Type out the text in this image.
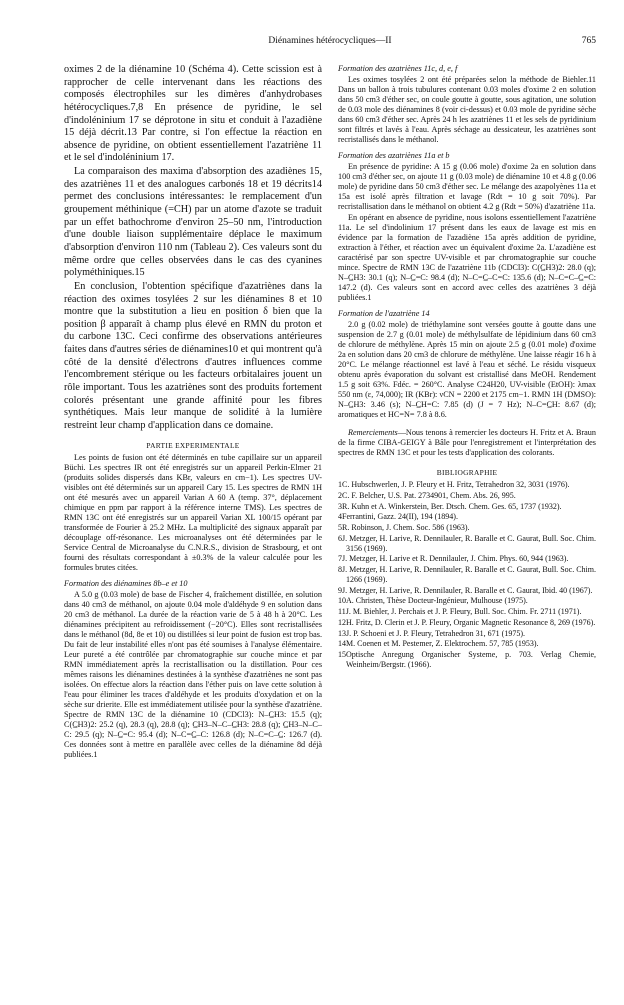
Diénamines hétérocycliques—II	765

oximes 2 de la diénamine 10 (Schéma 4). Cette scission est à rapprocher de celle intervenant dans les réactions des composés électrophiles sur les dimères d'anhydrobases hétérocycliques.7,8 En présence de pyridine, le sel d'indoléninium 17 se déprotone in situ et conduit à l'azadiène 15 déjà décrit.13 Par contre, si l'on effectue la réaction en absence de pyridine, on obtient essentiellement l'azatriène 11 et le sel d'indoléninium 17.

La comparaison des maxima d'absorption des azadiènes 15, des azatriènes 11 et des analogues carbonés 18 et 19 décrits14 permet des conclusions intéressantes: le remplacement d'un groupement méthinique (=CH) par un atome d'azote se traduit par un effet bathochrome d'environ 25–50 nm, l'introduction d'une double liaison supplémentaire déplace le maximum d'absorption d'environ 110 nm (Tableau 2). Ces valeurs sont du même ordre que celles observées dans le cas des cyanines polyméthiniques.15

En conclusion, l'obtention spécifique d'azatriènes dans la réaction des oximes tosylées 2 sur les diénamines 8 et 10 montre que la substitution a lieu en position δ bien que la position β apparaît à champ plus élevé en RMN du proton et du carbone 13C. Ceci confirme des observations antérieures faites dans d'autres séries de diénamines10 et qui montrent qu'à côté de la densité d'électrons d'autres influences comme l'encombrement stérique ou les facteurs orbitalaires jouent un rôle important. Tous les azatriènes sont des produits fortement colorés présentant une grande affinité pour les fibres synthétiques. Mais leur manque de solidité à la lumière restreint leur champ d'application dans ce domaine.

PARTIE EXPERIMENTALE

Les points de fusion ont été déterminés en tube capillaire sur un appareil Büchi. Les spectres IR ont été enregistrés sur un appareil Perkin-Elmer 21 (produits solides dispersés dans KBr, valeurs en cm−1). Les spectres UV-visibles ont été déterminés sur un appareil Cary 15. Les spectres de RMN 1H ont été mesurés avec un appareil Varian A 60 A (temp. 37°, déplacement chimique en ppm par rapport à la référence interne TMS). Les spectres de RMN 13C ont été enregistrés sur un appareil Varian XL 100/15 opérant par transformée de Fourier à 25.2 MHz. La multiplicité des signaux apparaît par découplage off-résonance. Les microanalyses ont été déterminées par le Service Central de Microanalyse du C.N.R.S., division de Strasbourg, et ont fourni des résultats correspondant à ±0.3% de la valeur calculée pour les formules brutes citées.

Formation des diénamines 8b–e et 10

A 5.0 g (0.03 mole) de base de Fischer 4, fraîchement distillée, en solution dans 40 cm3 de méthanol, on ajoute 0.04 mole d'aldéhyde 9 en solution dans 20 cm3 de méthanol. La durée de la réaction varie de 5 à 48 h à 20°C. Les diénamines précipitent au refroidissement (−20°C). Elles sont recristallisées dans le méthanol (8d, 8e et 10) ou distillées si leur point de fusion est trop bas. Du fait de leur instabilité elles n'ont pas été soumises à l'analyse élémentaire. Leur pureté a été contrôlée par chromatographie sur couche mince et par RMN immédiatement après la recristallisation ou la distillation. Pour ces mêmes raisons les diénamines destinées à la synthèse d'azatriènes ne sont pas isolées. On effectue alors la réaction dans l'éther puis on lave cette solution à l'eau pour éliminer les traces d'aldéhyde et les produits d'oxydation et on la sèche sur drierite. Elle est immédiatement utilisée pour la synthèse d'azatriène. Spectre de RMN 13C de la diénamine 10 (CDCl3): N–C̲H3: 15.5 (q); C(C̲H3)2: 25.2 (q), 28.3 (q), 28.8 (q); C̲H3–N–C–C̲H3: 28.8 (q); C̲H3–N–C–C: 29.5 (q); N–C̲=C: 95.4 (d); N–C=C̲–C: 126.8 (d); N–C=C–C̲: 126.7 (d). Ces données sont à mettre en parallèle avec celles de la diénamine 8d déjà publiées.1

Formation des azatriènes 11c, d, e, f

Les oximes tosylées 2 ont été préparées selon la méthode de Biehler.11 Dans un ballon à trois tubulures contenant 0.03 moles d'oxime 2 en solution dans 50 cm3 d'éther sec, on coule goutte à goutte, sous agitation, une solution de 0.03 mole des diénamines 8 (voir ci-dessus) et 0.03 mole de pyridine sèche dans 60 cm3 d'éther sec. Après 24 h les azatriènes 11 et les sels de pyridinium sont filtrés et lavés à l'eau. Après séchage au dessicateur, les azatriènes sont recristallisés dans le méthanol.

Formation des azatriènes 11a et b

En présence de pyridine: A 15 g (0.06 mole) d'oxime 2a en solution dans 100 cm3 d'éther sec, on ajoute 11 g (0.03 mole) de diénamine 10 et 4.8 g (0.06 mole) de pyridine dans 50 cm3 d'éther sec. Le mélange des azapolyènes 11a et 15a est isolé après filtration et lavage (Rdt = 10 g soit 70%). Par recristallisation dans le méthanol on obtient 4.2 g (Rdt = 50%) d'azatriène 11a.

En opérant en absence de pyridine, nous isolons essentiellement l'azatriène 11a. Le sel d'indolinium 17 présent dans les eaux de lavage est mis en évidence par la formation de l'azadiène 15a après addition de pyridine, extraction à l'éther, et réaction avec un équivalent d'oxime 2a. L'azadiène est caractérisé par son spectre UV-visible et par chromatographie sur couche mince. Spectre de RMN 13C de l'azatriène 11b (CDCl3): C(C̲H3)2: 28.0 (q); N–C̲H3: 30.1 (q); N–C̲=C: 98.4 (d); N–C=C̲–C=C: 135.6 (d); N–C=C–C̲=C: 147.2 (d). Ces valeurs sont en accord avec celles des azatriènes 3 déjà publiées.1

Formation de l'azatriène 14

2.0 g (0.02 mole) de triéthylamine sont versées goutte à goutte dans une suspension de 2.7 g (0.01 mole) de méthylsulfate de lépidinium dans 60 cm3 de chlorure de méthylène. Après 15 min on ajoute 2.5 g (0.01 mole) d'oxime 2a en solution dans 20 cm3 de chlorure de méthylène. Une laisse réagir 16 h à 20°C. Le mélange réactionnel est lavé à l'eau et séché. Le résidu visqueux obtenu après évaporation du solvant est cristallisé dans MeOH. Rendement 1.5 g soit 63%. Fdéc. = 260°C. Analyse C24H20, UV-visible (EtOH): λmax 550 nm (ε, 74,000); IR (KBr): νCN = 2200 et 2175 cm−1. RMN 1H (DMSO): N–C̲H3: 3.46 (s); N–C̲H=C: 7.85 (d) (J = 7 Hz); N–C=C̲H: 8.67 (d); aromatiques et HC=N= 7.8 à 8.6.

Remerciements—Nous tenons à remercier les docteurs H. Fritz et A. Braun de la firme CIBA-GEIGY à Bâle pour l'enregistrement et l'interprétation des spectres de RMN 13C et pour les tests d'application des colorants.

BIBLIOGRAPHIE
1C. Hubschwerlen, J. P. Fleury et H. Fritz, Tetrahedron 32, 3031 (1976).
2C. F. Belcher, U.S. Pat. 2734901, Chem. Abs. 26, 995.
3R. Kuhn et A. Winkerstein, Ber. Dtsch. Chem. Ges. 65, 1737 (1932).
4Ferrantini, Gazz. 24(II), 194 (1894).
5R. Robinson, J. Chem. Soc. 586 (1963).
6J. Metzger, H. Larive, R. Dennilauler, R. Baralle et C. Gaurat, Bull. Soc. Chim. 3156 (1969).
7J. Metzger, H. Larive et R. Dennilauler, J. Chim. Phys. 60, 944 (1963).
8J. Metzger, H. Larive, R. Dennilauler, R. Baralle et C. Gaurat, Bull. Soc. Chim. 1266 (1969).
9J. Metzger, H. Larive, R. Dennilauler, R. Baralle et C. Gaurat, Ibid. 40 (1967).
10A. Christen, Thèse Docteur-Ingénieur, Mulhouse (1975).
11J. M. Biehler, J. Perchais et J. P. Fleury, Bull. Soc. Chim. Fr. 2711 (1971).
12H. Fritz, D. Clerin et J. P. Fleury, Organic Magnetic Resonance 8, 269 (1976).
13J. P. Schoeni et J. P. Fleury, Tetrahedron 31, 671 (1975).
14M. Coenen et M. Pestemer, Z. Elektrochem. 57, 785 (1953).
15Optische Anregung Organischer Systeme, p. 703. Verlag Chemie, Weinheim/Bergstr. (1966).
